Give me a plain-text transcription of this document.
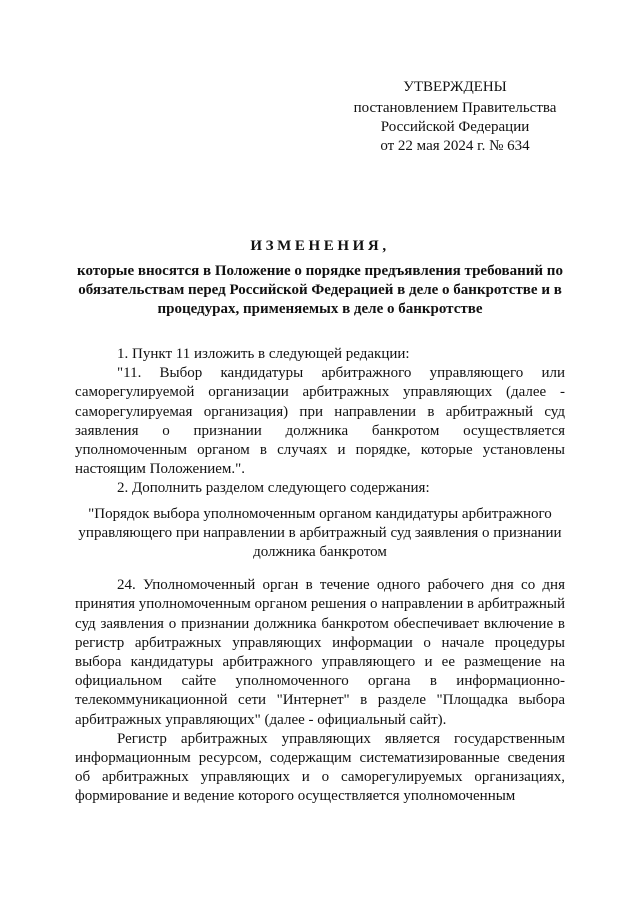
УТВЕРЖДЕНЫ
постановлением Правительства
Российской Федерации
от 22 мая 2024 г. № 634
ИЗМЕНЕНИЯ,
которые вносятся в Положение о порядке предъявления требований по обязательствам перед Российской Федерацией в деле о банкротстве и в процедурах, применяемых в деле о банкротстве

1. Пункт 11 изложить в следующей редакции:

"11. Выбор кандидатуры арбитражного управляющего или саморегулируемой организации арбитражных управляющих (далее - саморегулируемая организация) при направлении в арбитражный суд заявления о признании должника банкротом осуществляется уполномоченным органом в случаях и порядке, которые установлены настоящим Положением.".

2. Дополнить разделом следующего содержания:

"Порядок выбора уполномоченным органом кандидатуры арбитражного управляющего при направлении в арбитражный суд заявления о признании должника банкротом

24. Уполномоченный орган в течение одного рабочего дня со дня принятия уполномоченным органом решения о направлении в арбитражный суд заявления о признании должника банкротом обеспечивает включение в регистр арбитражных управляющих информации о начале процедуры выбора кандидатуры арбитражного управляющего и ее размещение на официальном сайте уполномоченного органа в информационно-телекоммуникационной сети "Интернет" в разделе "Площадка выбора арбитражных управляющих" (далее - официальный сайт).

Регистр арбитражных управляющих является государственным информационным ресурсом, содержащим систематизированные сведения об арбитражных управляющих и о саморегулируемых организациях, формирование и ведение которого осуществляется уполномоченным
